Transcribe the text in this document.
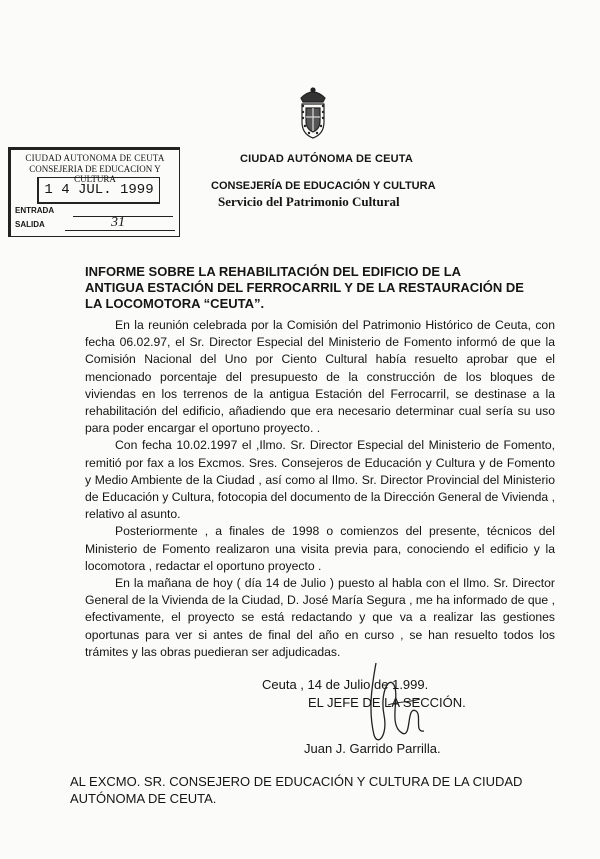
CIUDAD AUTONOMA DE CEUTA
CONSEJERIA DE EDUCACION Y CULTURA
1 4 JUL. 1999
ENTRADA
SALIDA	31
CIUDAD AUTÓNOMA DE CEUTA
CONSEJERÍA DE EDUCACIÓN Y CULTURA
Servicio del Patrimonio Cultural
INFORME SOBRE LA REHABILITACIÓN DEL EDIFICIO DE LA
ANTIGUA ESTACIÓN DEL FERROCARRIL Y DE LA RESTAURACIÓN DE
LA LOCOMOTORA “CEUTA”.

En la reunión celebrada por la Comisión del Patrimonio Histórico de Ceuta, con fecha 06.02.97, el Sr. Director Especial del Ministerio de Fomento informó de que la Comisión Nacional del Uno por Ciento Cultural había resuelto aprobar que el mencionado porcentaje del presupuesto de la construcción de los bloques de viviendas en los terrenos de la antigua Estación del Ferrocarril, se destinase a la rehabilitación del edificio, añadiendo que era necesario determinar cual sería su uso para poder encargar el oportuno proyecto. .

Con fecha 10.02.1997 el ,Ilmo. Sr. Director Especial del Ministerio de Fomento, remitió por fax a los Excmos. Sres. Consejeros de Educación y Cultura y de Fomento y Medio Ambiente de la Ciudad , así como al Ilmo. Sr. Director Provincial del Ministerio de Educación y Cultura, fotocopia del documento de la Dirección General de Vivienda , relativo al asunto.

Posteriormente , a finales de 1998 o comienzos del presente, técnicos del Ministerio de Fomento realizaron una visita previa para, conociendo el edificio y la locomotora , redactar el oportuno proyecto .

En la mañana de hoy ( día 14 de Julio ) puesto al habla con el Ilmo. Sr. Director General de la Vivienda de la Ciudad, D. José María Segura , me ha informado de que , efectivamente, el proyecto se está redactando y que va a realizar las gestiones oportunas para ver si antes de final del año en curso , se han resuelto todos los trámites y las obras puedieran ser adjudicadas.

Ceuta , 14 de Julio de 1.999.
EL JEFE DE LA SECCIÓN.
Juan J. Garrido Parrilla.
AL EXCMO. SR. CONSEJERO DE EDUCACIÓN Y CULTURA DE LA CIUDAD AUTÓNOMA DE CEUTA.
